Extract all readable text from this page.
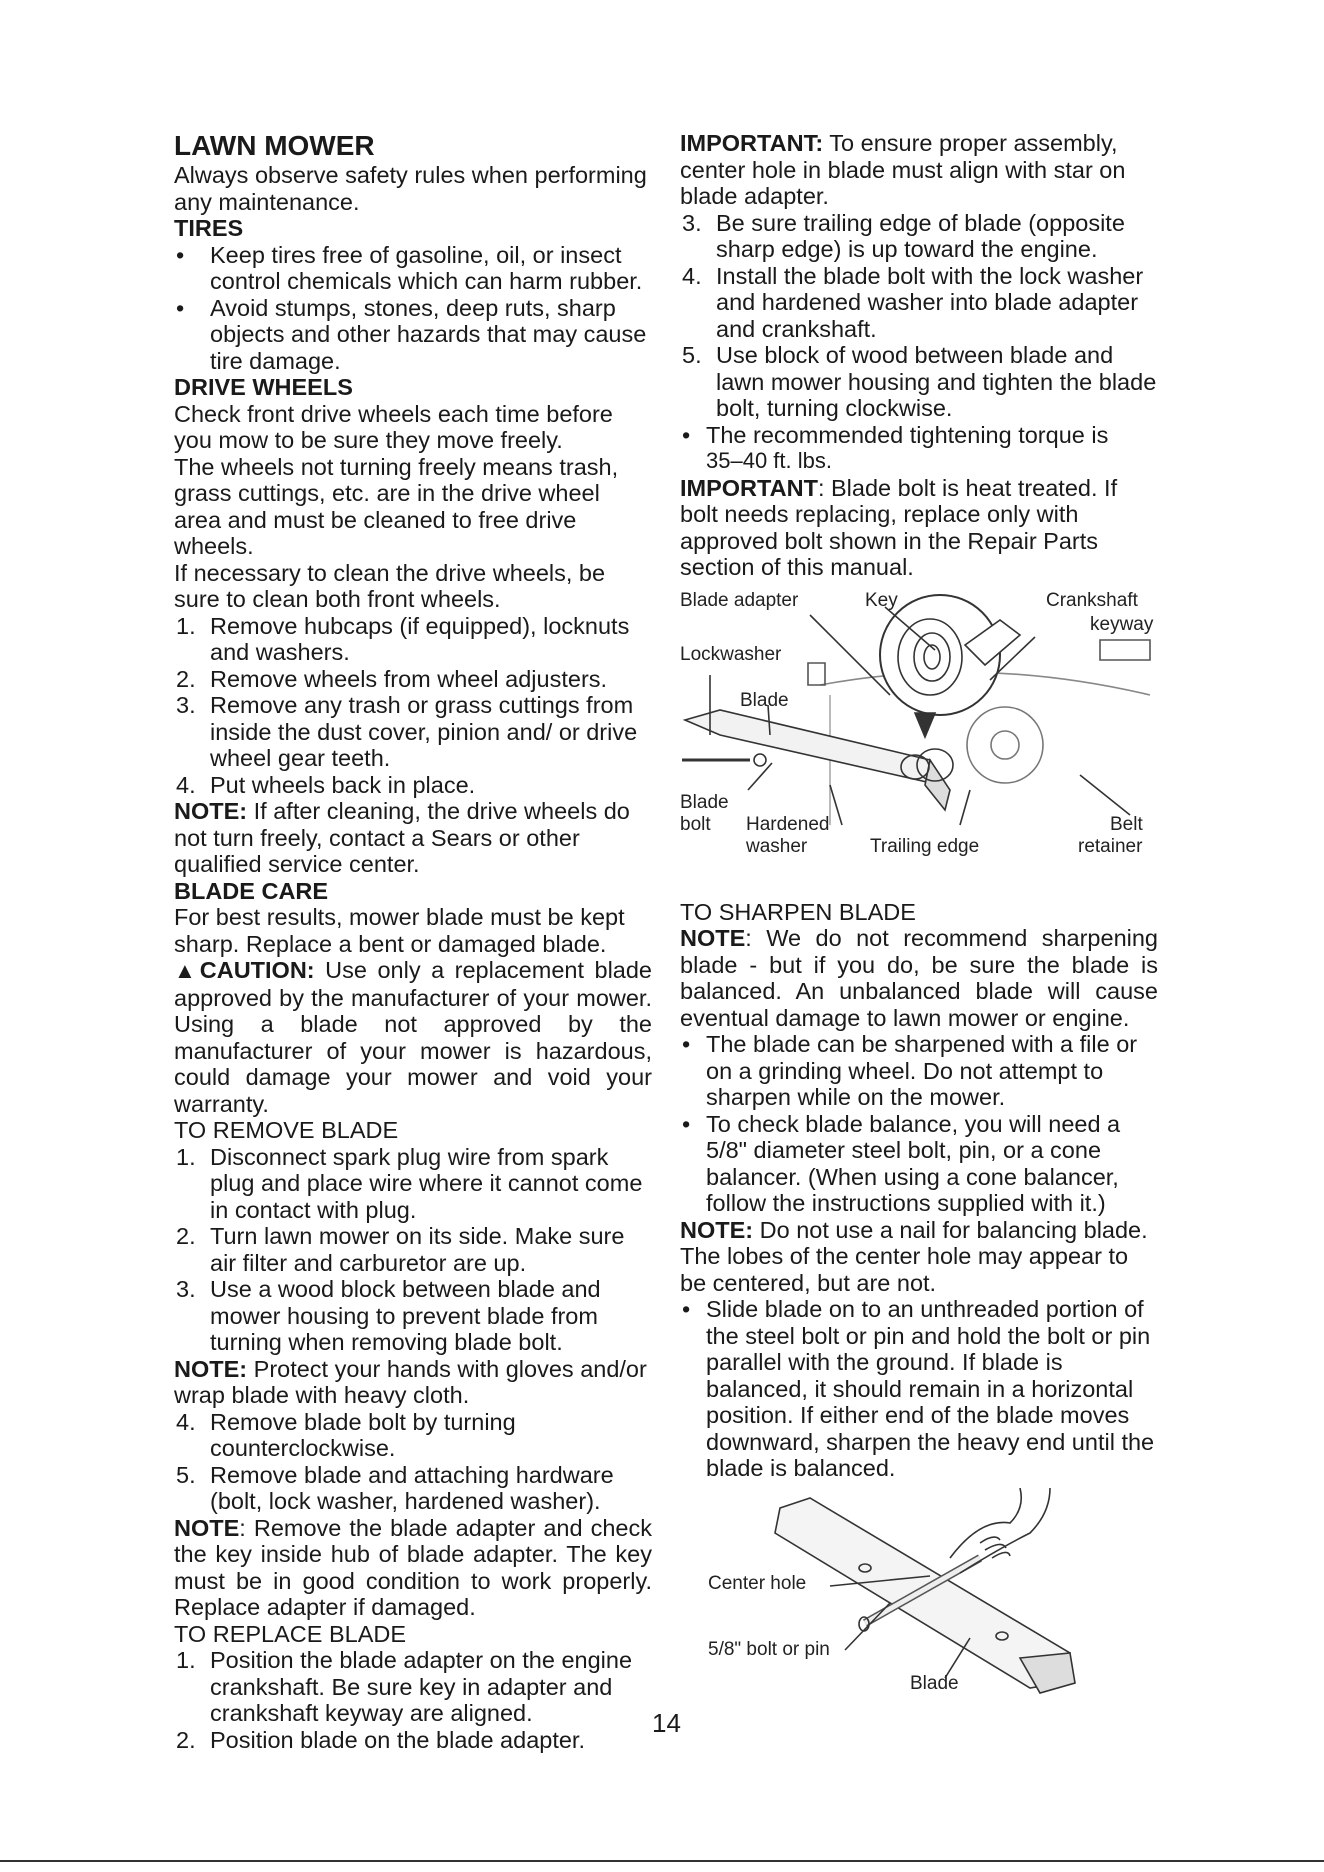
LAWN MOWER

Always observe safety rules when performing any maintenance.

TIRES

• Keep tires free of gasoline, oil, or insect control chemicals which can harm rubber.
• Avoid stumps, stones, deep ruts, sharp objects and other hazards that may cause tire damage.

DRIVE WHEELS

Check front drive wheels each time before you mow to be sure they move freely.

The wheels not turning freely means trash, grass cuttings, etc. are in the drive wheel area and must be cleaned to free drive wheels.

If necessary to clean the drive wheels, be sure to clean both front wheels.

1. Remove hubcaps (if equipped), locknuts and washers.
2. Remove wheels from wheel adjusters.
3. Remove any trash or grass cuttings from inside the dust cover, pinion and/ or drive wheel gear teeth.
4. Put wheels back in place.

NOTE: If after cleaning, the drive wheels do not turn freely, contact a Sears or other qualified service center.

BLADE CARE

For best results, mower blade must be kept sharp. Replace a bent or damaged blade.

▲CAUTION: Use only a replacement blade approved by the manufacturer of your mower. Using a blade not approved by the manufacturer of your mower is hazardous, could damage your mower and void your warranty.

TO REMOVE BLADE

1. Disconnect spark plug wire from spark plug and place wire where it cannot come in contact with plug.
2. Turn lawn mower on its side. Make sure air filter and carburetor are up.
3. Use a wood block between blade and mower housing to prevent blade from turning when removing blade bolt.

NOTE: Protect your hands with gloves and/or wrap blade with heavy cloth.

4. Remove blade bolt by turning counterclockwise.
5. Remove blade and attaching hardware (bolt, lock washer, hardened washer).

NOTE: Remove the blade adapter and check the key inside hub of blade adapter. The key must be in good condition to work properly. Replace adapter if damaged.

TO REPLACE BLADE

1. Position the blade adapter on the engine crankshaft. Be sure key in adapter and crankshaft keyway are aligned.
2. Position blade on the blade adapter.

IMPORTANT: To ensure proper assembly, center hole in blade must align with star on blade adapter.

3. Be sure trailing edge of blade (opposite sharp edge) is up toward the engine.
4. Install the blade bolt with the lock washer and hardened washer into blade adapter and crankshaft.
5. Use block of wood between blade and lawn mower housing and tighten the blade bolt, turning clockwise.
• The recommended tightening torque is

35–40 ft. lbs.

IMPORTANT: Blade bolt is heat treated. If bolt needs replacing, replace only with approved bolt shown in the Repair Parts section of this manual.

Blade adapter	Key	Crankshaft
keyway
Lockwasher
Blade
Blade
bolt Hardened
washer	Trailing edge
Belt
retainer

TO SHARPEN BLADE

NOTE: We do not recommend sharpening blade - but if you do, be sure the blade is balanced. An unbalanced blade will cause eventual damage to lawn mower or engine.

• The blade can be sharpened with a file or on a grinding wheel. Do not attempt to sharpen while on the mower.
• To check blade balance, you will need a 5/8" diameter steel bolt, pin, or a cone balancer. (When using a cone balancer, follow the instructions supplied with it.)

NOTE: Do not use a nail for balancing blade. The lobes of the center hole may appear to be centered, but are not.

• Slide blade on to an unthreaded portion of the steel bolt or pin and hold the bolt or pin parallel with the ground. If blade is balanced, it should remain in a horizontal position. If either end of the blade moves downward, sharpen the heavy end until the blade is balanced.
Center hole
5/8" bolt or pin
Blade
14
